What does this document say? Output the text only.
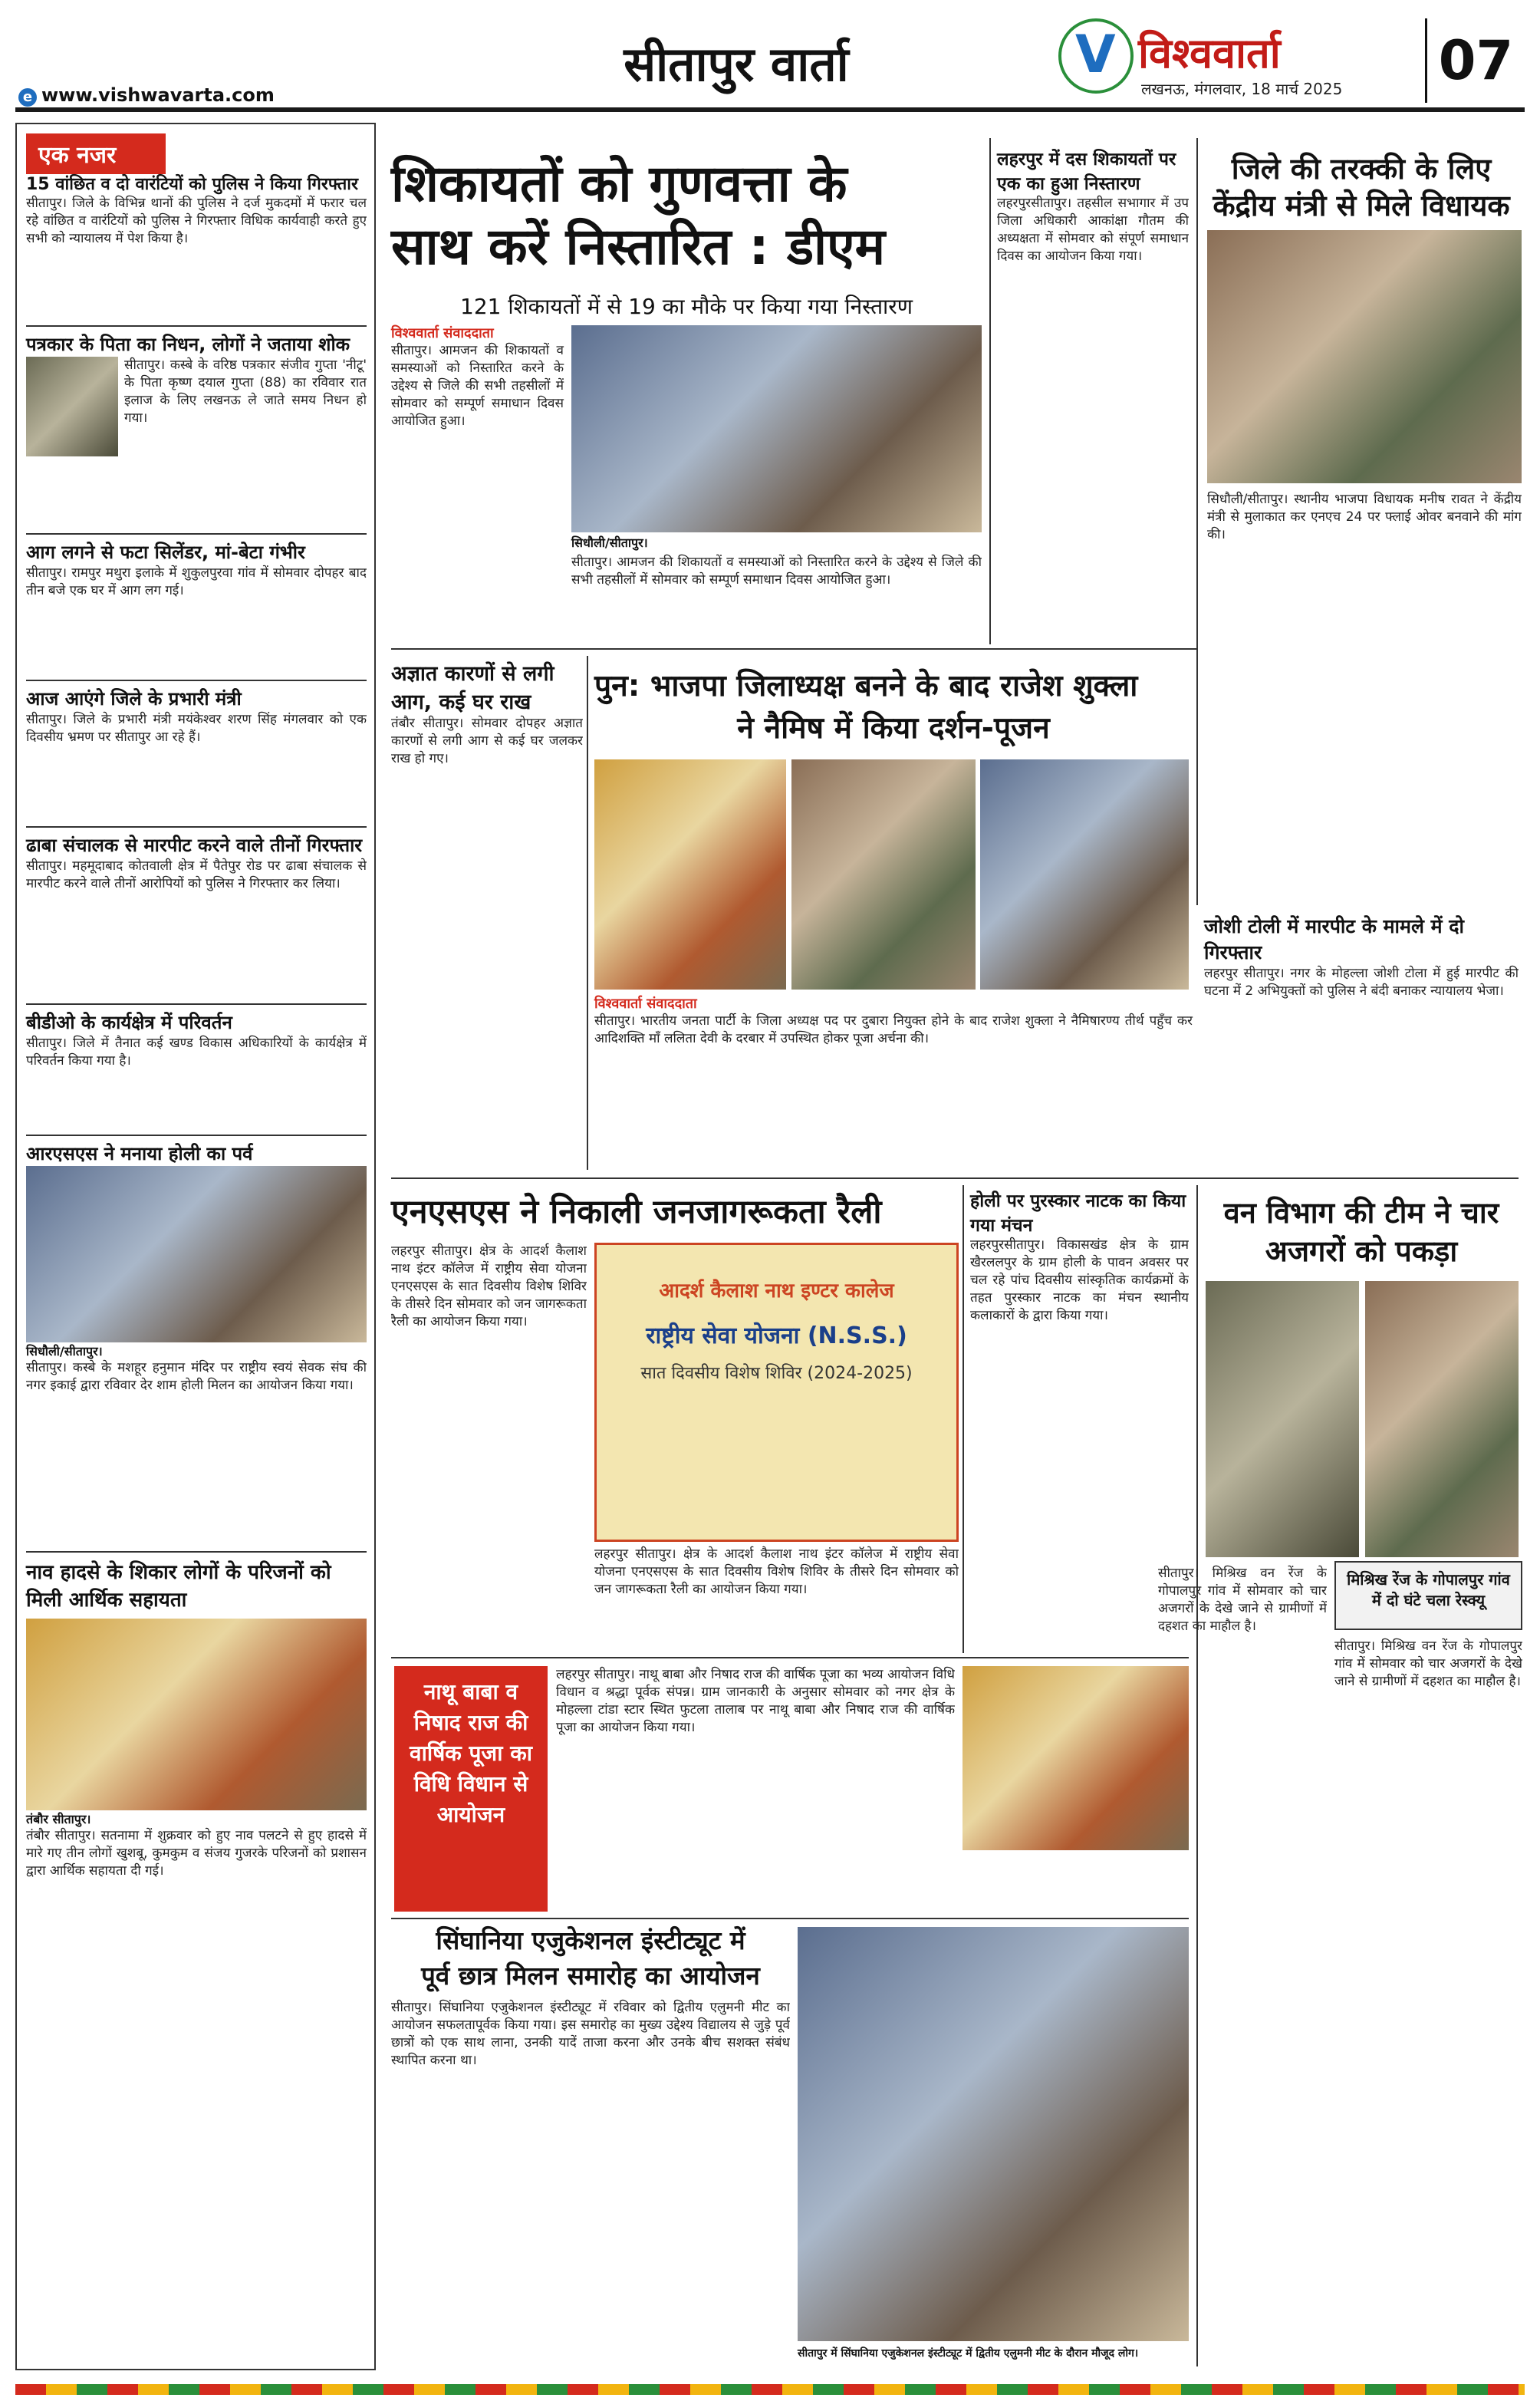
सीतापुर वार्ता
V	विश्ववार्ता
लखनऊ, मंगलवार, 18 मार्च 2025 07
e www.vishwavarta.com
एक नजर
15 वांछित व दो वारंटियों को पुलिस ने किया गिरफ्तार
सीतापुर। जिले के विभिन्न थानों की पुलिस ने दर्ज मुकदमों में फरार चल रहे वांछित व वारंटियों को पुलिस ने गिरफ्तार विधिक कार्यवाही करते हुए सभी को न्यायालय में पेश किया है।
पत्रकार के पिता का निधन, लोगों ने जताया शोक
सीतापुर। कस्बे के वरिष्ठ पत्रकार संजीव गुप्ता 'नीटू' के पिता कृष्ण दयाल गुप्ता (88) का रविवार रात इलाज के लिए लखनऊ ले जाते समय निधन हो गया।
आग लगने से फटा सिलेंडर, मां-बेटा गंभीर
सीतापुर। रामपुर मथुरा इलाके में शुकुलपुरवा गांव में सोमवार दोपहर बाद तीन बजे एक घर में आग लग गई।
आज आएंगे जिले के प्रभारी मंत्री
सीतापुर। जिले के प्रभारी मंत्री मयंकेश्वर शरण सिंह मंगलवार को एक दिवसीय भ्रमण पर सीतापुर आ रहे हैं।
ढाबा संचालक से मारपीट करने वाले तीनों गिरफ्तार
सीतापुर। महमूदाबाद कोतवाली क्षेत्र में पैतेपुर रोड पर ढाबा संचालक से मारपीट करने वाले तीनों आरोपियों को पुलिस ने गिरफ्तार कर लिया।
बीडीओ के कार्यक्षेत्र में परिवर्तन
सीतापुर। जिले में तैनात कई खण्ड विकास अधिकारियों के कार्यक्षेत्र में परिवर्तन किया गया है।
आरएसएस ने मनाया होली का पर्व
सिधौली/सीतापुर।
सीतापुर। कस्बे के मशहूर हनुमान मंदिर पर राष्ट्रीय स्वयं सेवक संघ की नगर इकाई द्वारा रविवार देर शाम होली मिलन का आयोजन किया गया।
नाव हादसे के शिकार लोगों के परिजनों को मिली आर्थिक सहायता
तंबौर सीतापुर।
तंबौर सीतापुर। सतनामा में शुक्रवार को हुए नाव पलटने से हुए हादसे में मारे गए तीन लोगों खुशबू, कुमकुम व संजय गुजरके परिजनों को प्रशासन द्वारा आर्थिक सहायता दी गई।
शिकायतों को गुणवत्ता के
साथ करें निस्तारित : डीएम
121 शिकायतों में से 19 का मौके पर किया गया निस्तारण
विश्ववार्ता संवाददाता
सीतापुर। आमजन की शिकायतों व समस्याओं को निस्तारित करने के उद्देश्य से जिले की सभी तहसीलों में सोमवार को सम्पूर्ण समाधान दिवस आयोजित हुआ।
सिधौली/सीतापुर।
सीतापुर। आमजन की शिकायतों व समस्याओं को निस्तारित करने के उद्देश्य से जिले की सभी तहसीलों में सोमवार को सम्पूर्ण समाधान दिवस आयोजित हुआ।
लहरपुर में दस शिकायतों पर एक का हुआ निस्तारण
लहरपुरसीतापुर। तहसील सभागार में उप जिला अधिकारी आकांक्षा गौतम की अध्यक्षता में सोमवार को संपूर्ण समाधान दिवस का आयोजन किया गया।
जिले की तरक्की के लिए केंद्रीय मंत्री से मिले विधायक
सिधौली/सीतापुर। स्थानीय भाजपा विधायक मनीष रावत ने केंद्रीय मंत्री से मुलाकात कर एनएच 24 पर फ्लाई ओवर बनवाने की मांग की।
अज्ञात कारणों से लगी आग, कई घर राख
तंबौर सीतापुर। सोमवार दोपहर अज्ञात कारणों से लगी आग से कई घर जलकर राख हो गए।
पुन: भाजपा जिलाध्यक्ष बनने के बाद राजेश शुक्ला
ने नैमिष में किया दर्शन-पूजन
विश्ववार्ता संवाददाता
सीतापुर। भारतीय जनता पार्टी के जिला अध्यक्ष पद पर दुबारा नियुक्त होने के बाद राजेश शुक्ला ने नैमिषारण्य तीर्थ पहुँच कर आदिशक्ति माँ ललिता देवी के दरबार में उपस्थित होकर पूजा अर्चना की।
जोशी टोली में मारपीट के मामले में दो गिरफ्तार
लहरपुर सीतापुर। नगर के मोहल्ला जोशी टोला में हुई मारपीट की घटना में 2 अभियुक्तों को पुलिस ने बंदी बनाकर न्यायालय भेजा।
एनएसएस ने निकाली जनजागरूकता रैली
लहरपुर सीतापुर। क्षेत्र के आदर्श कैलाश नाथ इंटर कॉलेज में राष्ट्रीय सेवा योजना एनएसएस के सात दिवसीय विशेष शिविर के तीसरे दिन सोमवार को जन जागरूकता रैली का आयोजन किया गया।
आदर्श कैलाश नाथ इण्टर कालेज
राष्ट्रीय सेवा योजना (N.S.S.)
सात दिवसीय विशेष शिविर (2024-2025)
लहरपुर सीतापुर। क्षेत्र के आदर्श कैलाश नाथ इंटर कॉलेज में राष्ट्रीय सेवा योजना एनएसएस के सात दिवसीय विशेष शिविर के तीसरे दिन सोमवार को जन जागरूकता रैली का आयोजन किया गया।
होली पर पुरस्कार नाटक का किया गया मंचन
लहरपुरसीतापुर। विकासखंड क्षेत्र के ग्राम खैरललपुर के ग्राम होली के पावन अवसर पर चल रहे पांच दिवसीय सांस्कृतिक कार्यक्रमों के तहत पुरस्कार नाटक का मंचन स्थानीय कलाकारों के द्वारा किया गया।
वन विभाग की टीम ने चार अजगरों को पकड़ा
सीतापुर। मिश्रिख वन रेंज के गोपालपुर गांव में सोमवार को चार अजगरों के देखे जाने से ग्रामीणों में दहशत का माहौल है।
मिश्रिख रेंज के गोपालपुर गांव में दो घंटे चला रेस्क्यू
सीतापुर। मिश्रिख वन रेंज के गोपालपुर गांव में सोमवार को चार अजगरों के देखे जाने से ग्रामीणों में दहशत का माहौल है।
नाथू बाबा व निषाद राज की वार्षिक पूजा का विधि विधान से आयोजन
लहरपुर सीतापुर। नाथू बाबा और निषाद राज की वार्षिक पूजा का भव्य आयोजन विधि विधान व श्रद्धा पूर्वक संपन्न। ग्राम जानकारी के अनुसार सोमवार को नगर क्षेत्र के मोहल्ला टांडा स्टार स्थित फुटला तालाब पर नाथू बाबा और निषाद राज की वार्षिक पूजा का आयोजन किया गया।
सिंघानिया एजुकेशनल इंस्टीट्यूट में
पूर्व छात्र मिलन समारोह का आयोजन
सीतापुर। सिंघानिया एजुकेशनल इंस्टीट्यूट में रविवार को द्वितीय एलुमनी मीट का आयोजन सफलतापूर्वक किया गया। इस समारोह का मुख्य उद्देश्य विद्यालय से जुड़े पूर्व छात्रों को एक साथ लाना, उनकी यादें ताजा करना और उनके बीच सशक्त संबंध स्थापित करना था।
सीतापुर में सिंघानिया एजुकेशनल इंस्टीट्यूट में द्वितीय एलुमनी मीट के दौरान मौजूद लोग।
